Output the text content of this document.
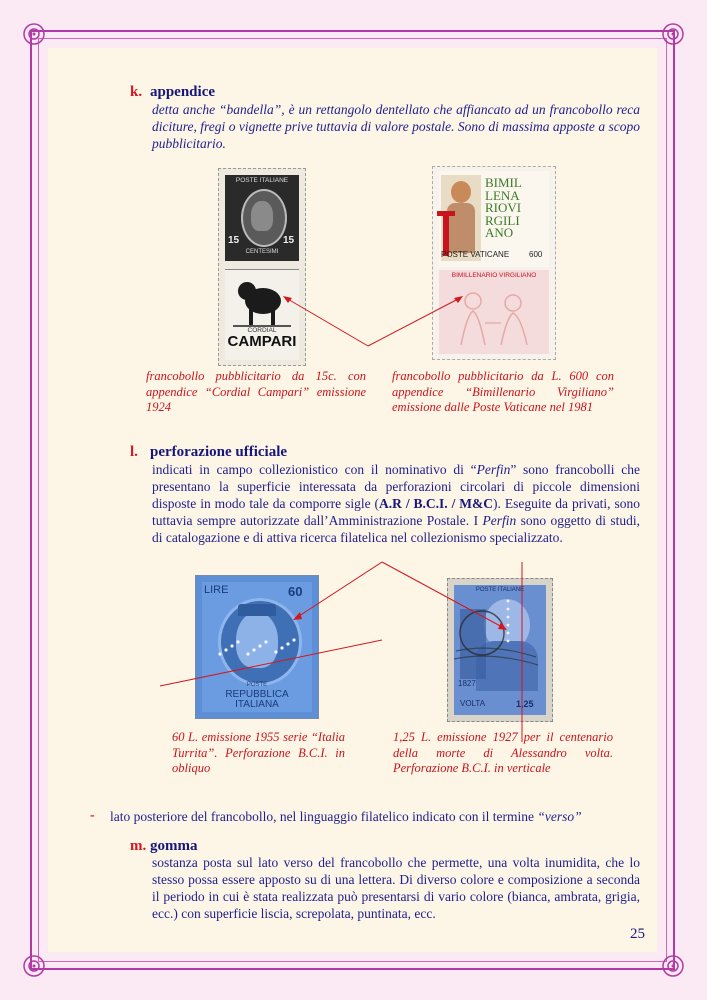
k. appendice
detta anche “bandella”, è un rettangolo dentellato che affiancato ad un francobollo reca diciture, fregi o vignette prive tuttavia di valore postale. Sono di massima apposte a scopo pubblicitario.
POSTE ITALIANE
15	15
CENTESIMI
CORDIAL
CAMPARI
BIMIL
LENA
RIOVI
RGILI
ANO
POSTE VATICANE 600
BIMILLENARIO VIRGILIANO
francobollo pubblicitario da 15c. con appendice “Cordial Campari” emissione 1924
francobollo pubblicitario da L. 600 con appendice “Bimillenario Virgiliano” emissione dalle Poste Vaticane nel 1981
l. perforazione ufficiale
indicati in campo collezionistico con il nominativo di “Perfin” sono francobolli che presentano la superficie interessata da perforazioni circolari di piccole dimensioni disposte in modo tale da comporre sigle (A.R / B.C.I. / M&C). Eseguite da privati, sono tuttavia sempre autorizzate dall’Amministrazione Postale. I Perfin sono oggetto di studi, di catalogazione e di attiva ricerca filatelica nel collezionismo specializzato.
LIRE	60
POSTE
REPUBBLICA
ITALIANA
POSTE ITALIANE
1827
VOLTA	1,25
60 L. emissione 1955 serie “Italia Turrita”. Perforazione B.C.I. in obliquo
1,25 L. emissione 1927 per il centenario della morte di Alessandro volta. Perforazione B.C.I. in verticale
- lato posteriore del francobollo, nel linguaggio filatelico indicato con il termine “verso”
m. gomma
sostanza posta sul lato verso del francobollo che permette, una volta inumidita, che lo stesso possa essere apposto su di una lettera. Di diverso colore e composizione a seconda il periodo in cui è stata realizzata può presentarsi di vario colore (bianca, ambrata, grigia, ecc.) con superficie liscia, screpolata, puntinata, ecc.
25
